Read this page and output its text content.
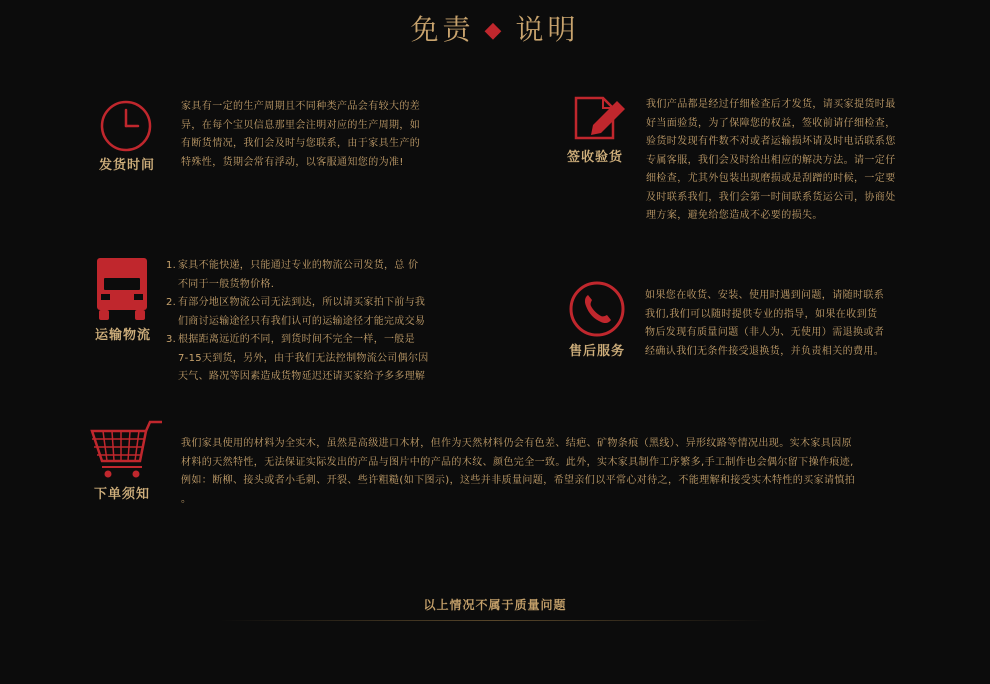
免责 ◆ 说明
发货时间

家具有一定的生产周期且不同种类产品会有较大的差

异，在每个宝贝信息那里会注明对应的生产周期，如

有断货情况，我们会及时与您联系，由于家具生产的

特殊性，货期会常有浮动，以客服通知您的为准!	签收验货

我们产品都是经过仔细检查后才发货，请买家提货时最

好当面验货，为了保障您的权益，签收前请仔细检查，

验货时发现有件数不对或者运输损坏请及时电话联系您

专属客服，我们会及时给出相应的解决方法。请一定仔

细检查，尤其外包装出现磨损或是刮蹭的时候，一定要

及时联系我们，我们会第一时间联系货运公司，协商处

理方案，避免给您造成不必要的损失。

运输物流
1. 家具不能快递，只能通过专业的物流公司发货，总 价
不同于一般货物价格.
2. 有部分地区物流公司无法到达，所以请买家拍下前与我
们商讨运输途径只有我们认可的运输途径才能完成交易
3. 根据距离远近的不同，到货时间不完全一样，一般是
7-15天到货，另外，由于我们无法控制物流公司偶尔因
天气、路况等因素造成货物延迟还请买家给予多多理解
售后服务

如果您在收货、安装、使用时遇到问题，请随时联系

我们,我们可以随时提供专业的指导，如果在收到货

物后发现有质量问题（非人为、无使用）需退换或者

经确认我们无条件接受退换货，并负责相关的费用。

下单须知

我们家具使用的材料为全实木，虽然是高级进口木材，但作为天然材料仍会有色差、结疤、矿物条痕（黑线）、异形纹路等情况出现。实木家具因原

材料的天然特性，无法保证实际发出的产品与图片中的产品的木纹、颜色完全一致。此外，实木家具制作工序繁多,手工制作也会偶尔留下操作痕迹,

例如：断柳、接头或者小毛刺、开裂、些许粗糙(如下图示)，这些并非质量问题，希望亲们以平常心对待之，不能理解和接受实木特性的买家请慎拍

。

以上情况不属于质量问题
